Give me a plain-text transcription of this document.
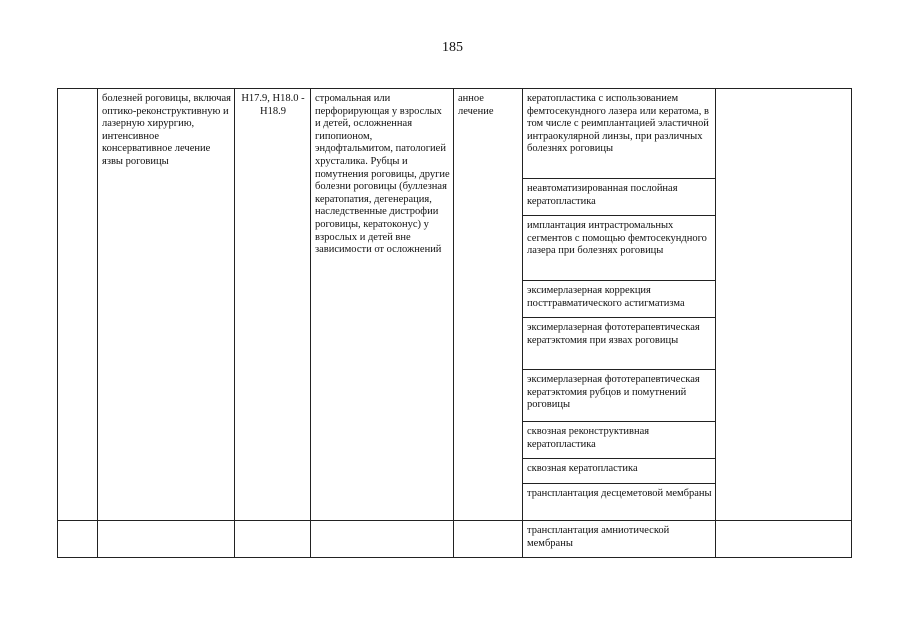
185
	болезней роговицы, включая оптико-реконструктивную и лазерную хирургию, интенсивное консервативное лечение язвы роговицы	H17.9, H18.0 - H18.9	стромальная или перфорирующая у взрослых и детей, осложненная гипопионом, эндофтальмитом, патологией хрусталика. Рубцы и помутнения роговицы, другие болезни роговицы (буллезная кератопатия, дегенерация, наследственные дистрофии роговицы, кератоконус) у взрослых и детей вне зависимости от осложнений	анное лечение	кератопластика с использованием фемтосекундного лазера или кератома, в том числе с реимплантацией эластичной интраокулярной линзы, при различных болезнях роговицы	
					неавтоматизированная послойная кератопластика	
					имплантация интрастромальных сегментов с помощью фемтосекундного лазера при болезнях роговицы	
					эксимерлазерная коррекция посттравматического астигматизма	
					эксимерлазерная фототерапевтическая кератэктомия при язвах роговицы	
					эксимерлазерная фототерапевтическая кератэктомия рубцов и помутнений роговицы	
					сквозная реконструктивная кератопластика	
					сквозная кератопластика	
					трансплантация десцеметовой мембраны	
					трансплантация амниотической мембраны	
